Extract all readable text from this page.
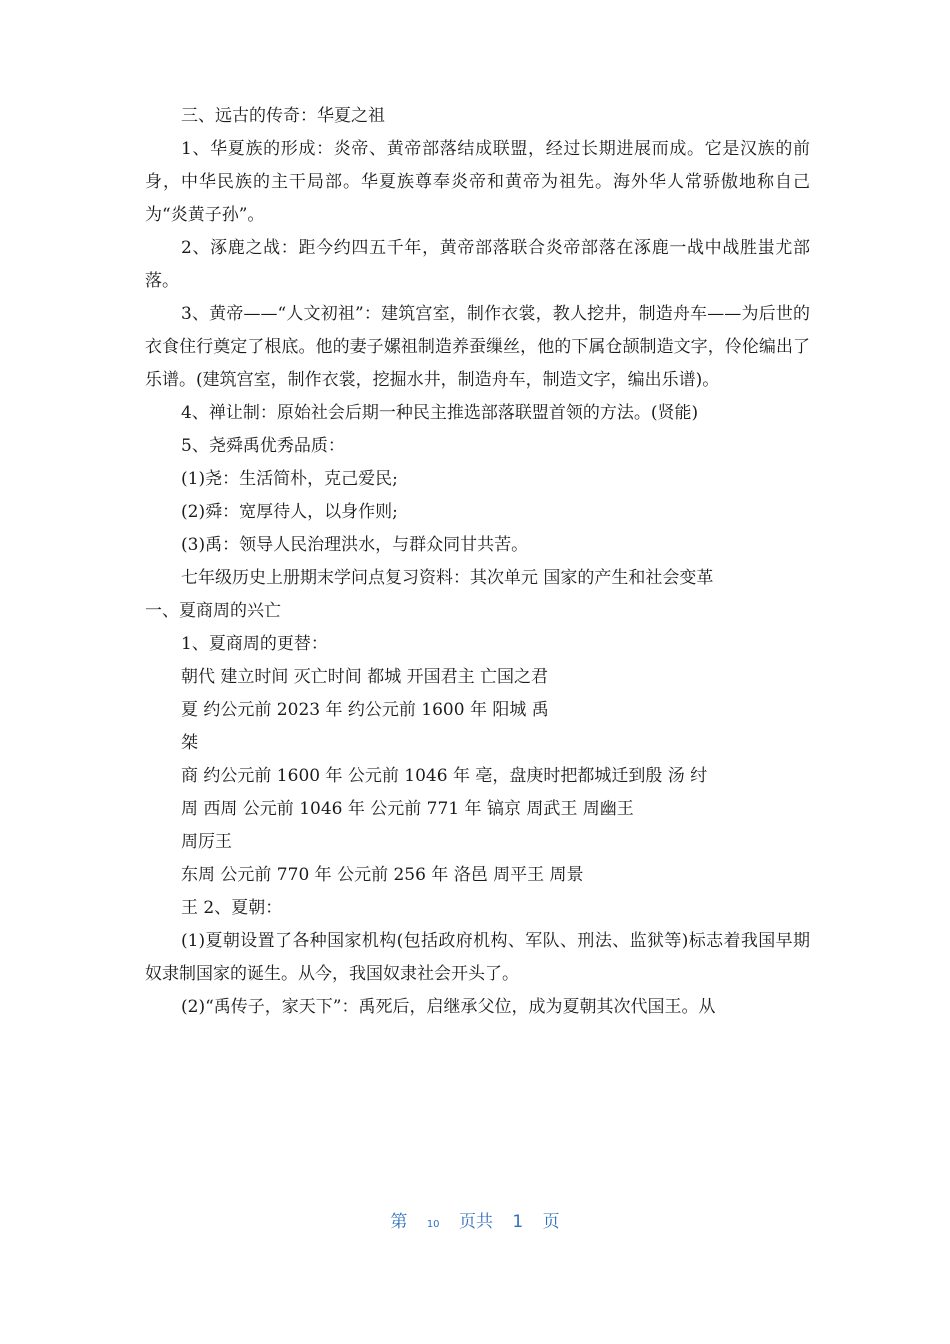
三、远古的传奇：华夏之祖

1、华夏族的形成：炎帝、黄帝部落结成联盟，经过长期进展而成。它是汉族的前身，中华民族的主干局部。华夏族尊奉炎帝和黄帝为祖先。海外华人常骄傲地称自己为“炎黄子孙”。

2、涿鹿之战：距今约四五千年，黄帝部落联合炎帝部落在涿鹿一战中战胜蚩尤部落。

3、黄帝——“人文初祖”：建筑宫室，制作衣裳，教人挖井，制造舟车——为后世的衣食住行奠定了根底。他的妻子嫘祖制造养蚕缫丝，他的下属仓颉制造文字，伶伦编出了乐谱。(建筑宫室，制作衣裳，挖掘水井，制造舟车，制造文字，编出乐谱)。

4、禅让制：原始社会后期一种民主推选部落联盟首领的方法。(贤能)

5、尧舜禹优秀品质：

(1)尧：生活简朴，克己爱民;

(2)舜：宽厚待人，以身作则;

(3)禹：领导人民治理洪水，与群众同甘共苦。

七年级历史上册期末学问点复习资料：其次单元 国家的产生和社会变革

一、夏商周的兴亡

1、夏商周的更替：

朝代 建立时间 灭亡时间 都城 开国君主 亡国之君

夏 约公元前 2023 年 约公元前 1600 年 阳城 禹

桀

商 约公元前 1600 年 公元前 1046 年 亳，盘庚时把都城迁到殷 汤 纣

周 西周 公元前 1046 年 公元前 771 年 镐京 周武王 周幽王

周厉王

东周 公元前 770 年 公元前 256 年 洛邑 周平王 周景

王 2、夏朝：

(1)夏朝设置了各种国家机构(包括政府机构、军队、刑法、监狱等)标志着我国早期奴隶制国家的诞生。从今，我国奴隶社会开头了。

(2)“禹传子，家天下”：禹死后，启继承父位，成为夏朝其次代国王。从

第 10 页共 1 页
